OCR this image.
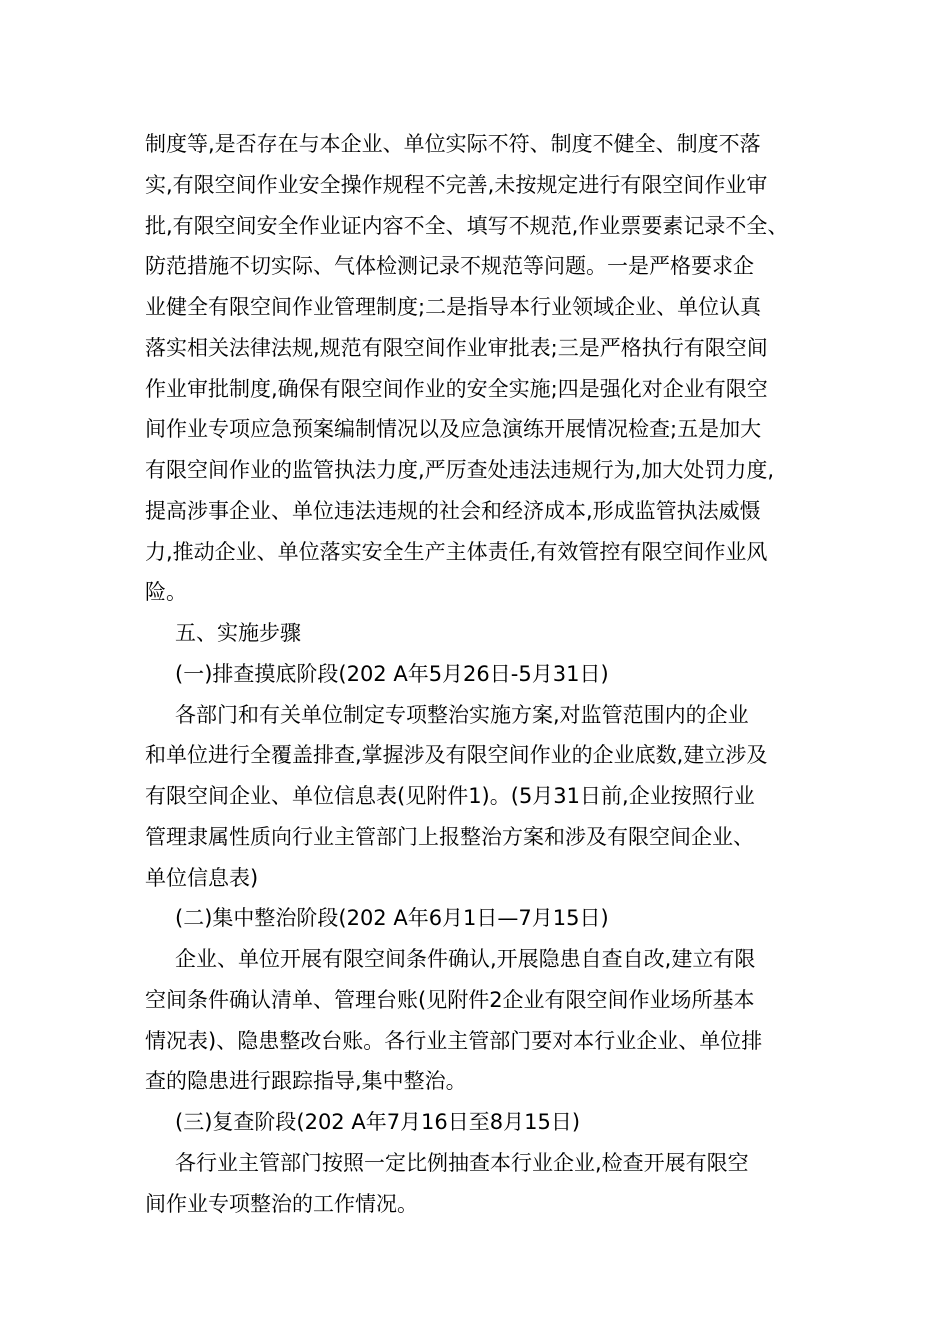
制度等,是否存在与本企业、单位实际不符、制度不健全、制度不落
实,有限空间作业安全操作规程不完善,未按规定进行有限空间作业审
批,有限空间安全作业证内容不全、填写不规范,作业票要素记录不全、
防范措施不切实际、气体检测记录不规范等问题。一是严格要求企
业健全有限空间作业管理制度;二是指导本行业领域企业、单位认真
落实相关法律法规,规范有限空间作业审批表;三是严格执行有限空间
作业审批制度,确保有限空间作业的安全实施;四是强化对企业有限空
间作业专项应急预案编制情况以及应急演练开展情况检查;五是加大
有限空间作业的监管执法力度,严厉查处违法违规行为,加大处罚力度,
提高涉事企业、单位违法违规的社会和经济成本,形成监管执法威慑
力,推动企业、单位落实安全生产主体责任,有效管控有限空间作业风
险。
五、实施步骤
(一)排查摸底阶段(202 A年5月26日-5月31日)
各部门和有关单位制定专项整治实施方案,对监管范围内的企业
和单位进行全覆盖排查,掌握涉及有限空间作业的企业底数,建立涉及
有限空间企业、单位信息表(见附件1)。(5月31日前,企业按照行业
管理隶属性质向行业主管部门上报整治方案和涉及有限空间企业、
单位信息表)
(二)集中整治阶段(202 A年6月1日—7月15日)
企业、单位开展有限空间条件确认,开展隐患自查自改,建立有限
空间条件确认清单、管理台账(见附件2企业有限空间作业场所基本
情况表)、隐患整改台账。各行业主管部门要对本行业企业、单位排
查的隐患进行跟踪指导,集中整治。
(三)复查阶段(202 A年7月16日至8月15日)
各行业主管部门按照一定比例抽查本行业企业,检查开展有限空
间作业专项整治的工作情况。
